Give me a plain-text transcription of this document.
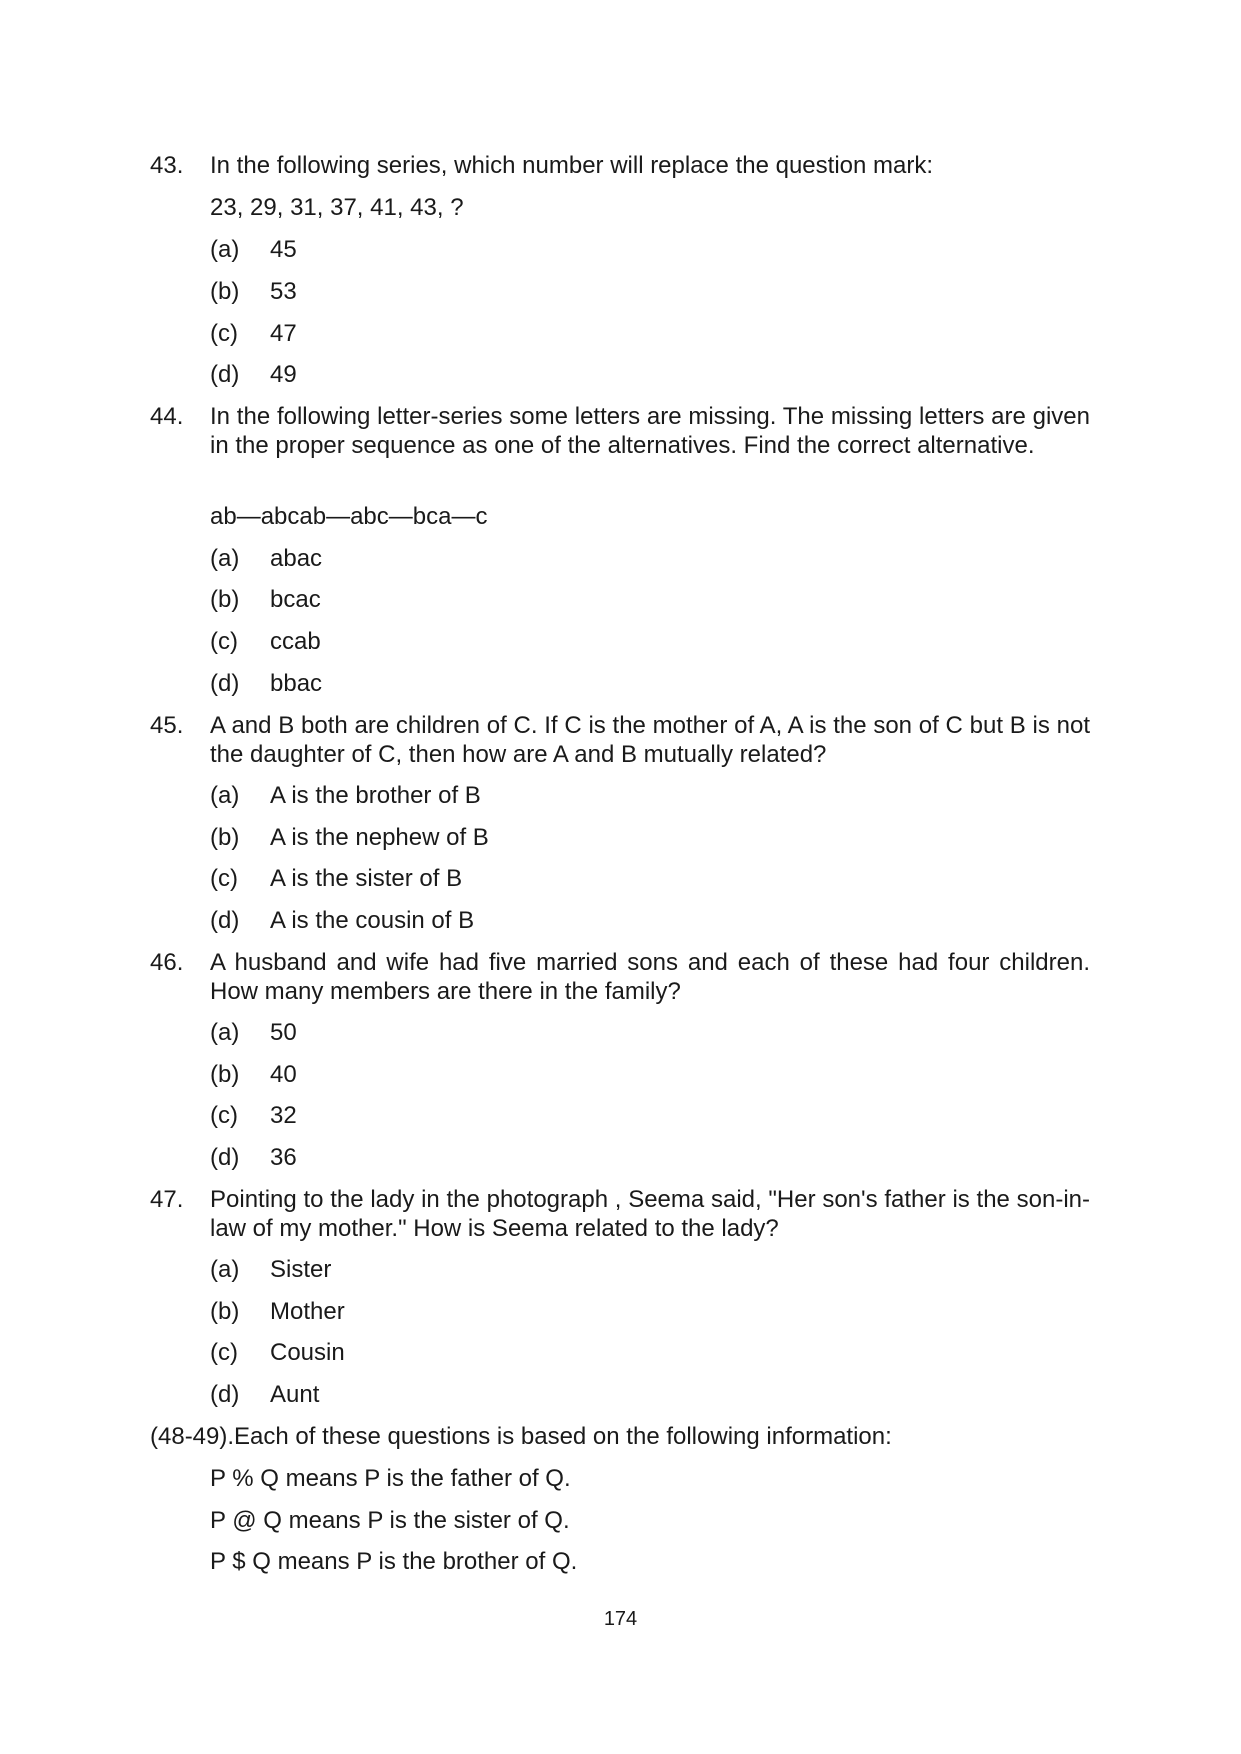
43. In the following series, which number will replace the question mark:
23, 29, 31, 37, 41, 43, ?
(a) 45
(b) 53
(c) 47
(d) 49
44. In the following letter-series some letters are missing. The missing letters are given in the proper sequence as one of the alternatives. Find the correct alternative.
ab—abcab—abc—bca—c
(a) abac
(b) bcac
(c) ccab
(d) bbac
45. A and B both are children of C. If C is the mother of A, A is the son of C but B is not the daughter of C, then how are A and B mutually related?
(a) A is the brother of B
(b) A is the nephew of B
(c) A is the sister of B
(d) A is the cousin of B
46. A husband and wife had five married sons and each of these had four children. How many members are there in the family?
(a) 50
(b) 40
(c) 32
(d) 36
47. Pointing to the lady in the photograph , Seema said, "Her son's father is the son-in-law of my mother." How is Seema related to the lady?
(a) Sister
(b) Mother
(c) Cousin
(d) Aunt
(48-49).Each of these questions is based on the following information:
P % Q means P is the father of Q.
P @ Q means P is the sister of Q.
P $ Q means P is the brother of Q.
174
